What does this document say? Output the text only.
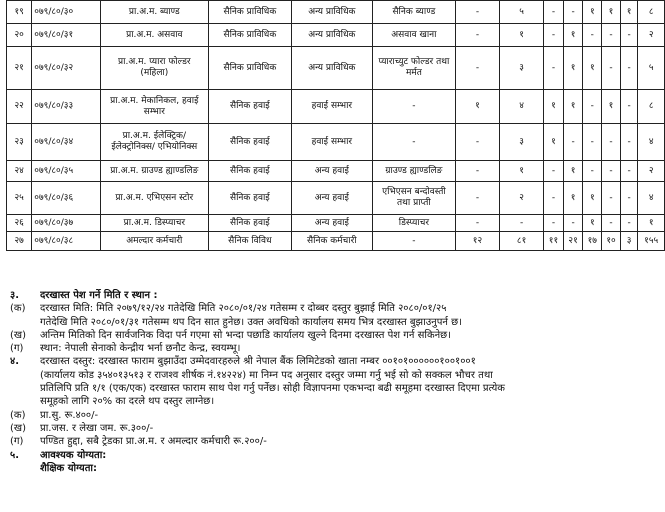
१९	०७९/८०/३०	प्रा.अ.म. ब्याण्ड	सैनिक प्राविधिक	अन्य प्राविधिक	सैनिक ब्याण्ड	-	५	-	-	१	१	१	८
२०	०७९/८०/३१	प्रा.अ.म. असवाव	सैनिक प्राविधिक	अन्य प्राविधिक	असवाव खाना	-	१	-	१	-	-	-	२
२१	०७९/८०/३२	प्रा.अ.म. प्यारा फोल्डर (महिला)	सैनिक प्राविधिक	अन्य प्राविधिक	प्याराच्युट फोल्डर तथा मर्मत	-	३	-	१	१	-	-	५
२२	०७९/८०/३३	प्रा.अ.म. मेकानिकल, हवाई सम्भार	सैनिक हवाई	हवाई सम्भार	-	१	४	१	१	-	१	-	८
२३	०७९/८०/३४	प्रा.अ.म. ईलेक्ट्रिक/ ईलेक्ट्रोनिक्स/ एभियोनिक्स	सैनिक हवाई	हवाई सम्भार	-	-	३	१	-	-	-	-	४
२४	०७९/८०/३५	प्रा.अ.म. ग्राउण्ड ह्याण्डलिङ	सैनिक हवाई	अन्य हवाई	ग्राउण्ड ह्याण्डलिङ	-	१	-	१	-	-	-	२
२५	०७९/८०/३६	प्रा.अ.म. एभिएसन स्टोर	सैनिक हवाई	अन्य हवाई	एभिएसन बन्दोवस्ती तथा प्राप्ती	-	२	-	१	१	-	-	४
२६	०७९/८०/३७	प्रा.अ.म. डिस्प्याचर	सैनिक हवाई	अन्य हवाई	डिस्प्याचर	-	-	-	-	१	-	-	१
२७	०७९/८०/३८	अमल्दार कर्मचारी	सैनिक विविध	सैनिक कर्मचारी	-	१२	८१	११	२१	१७	१०	३	१५५
३.	दरखास्त पेश गर्ने मिति र स्थान :
(क)	दरखास्त मिति: मिति २०७९/१२/२४ गतेदेखि मिति २०८०/०१/२४ गतेसम्म र दोब्बर दस्तुर बुझाई मिति २०८०/०१/२५
गतेदेखि मिति २०८०/०१/३१ गतेसम्म थप दिन सात हुनेछ। उक्त अवधिको कार्यालय समय भित्र दरखास्त बुझाउनुपर्न छ।
(ख)	अन्तिम मितिको दिन सार्वजनिक विदा पर्न गएमा सो भन्दा पछाडि कार्यालय खुल्ने दिनमा दरखास्त पेश गर्न सकिनेछ।
(ग)	स्थान: नेपाली सेनाको केन्द्रीय भर्ना छनौट केन्द्र, स्वयम्भू।
४.	दरखास्त दस्तुर: दरखास्त फाराम बुझाउँदा उम्मेदवारहरुले श्री नेपाल बैंक लिमिटेडको खाता नम्बर ००१०१००००००१००१००१
(कार्यालय कोड ३५४०१३५१३ र राजश्व शीर्षक नं.१४२२४) मा निम्न पद अनुसार दस्तुर जम्मा गर्नु भई सो को सक्कल भौचर तथा
प्रतिलिपि प्रति १/१ (एक/एक) दरखास्त फाराम साथ पेश गर्नु पर्नेछ। सोही विज्ञापनमा एकभन्दा बढी समूहमा दरखास्त दिएमा प्रत्येक
समूहको लागि २०% का दरले थप दस्तुर लाग्नेछ।
(क)	प्रा.सु. रू.४००/-
(ख)	प्रा.जस. र लेखा जम. रू.३००/-
(ग)	पण्डित हुद्दा, सबै ट्रेडका प्रा.अ.म. र अमल्दार कर्मचारी रू.२००/-
५.	आवश्यक योग्यता:
शैक्षिक योग्यता:
